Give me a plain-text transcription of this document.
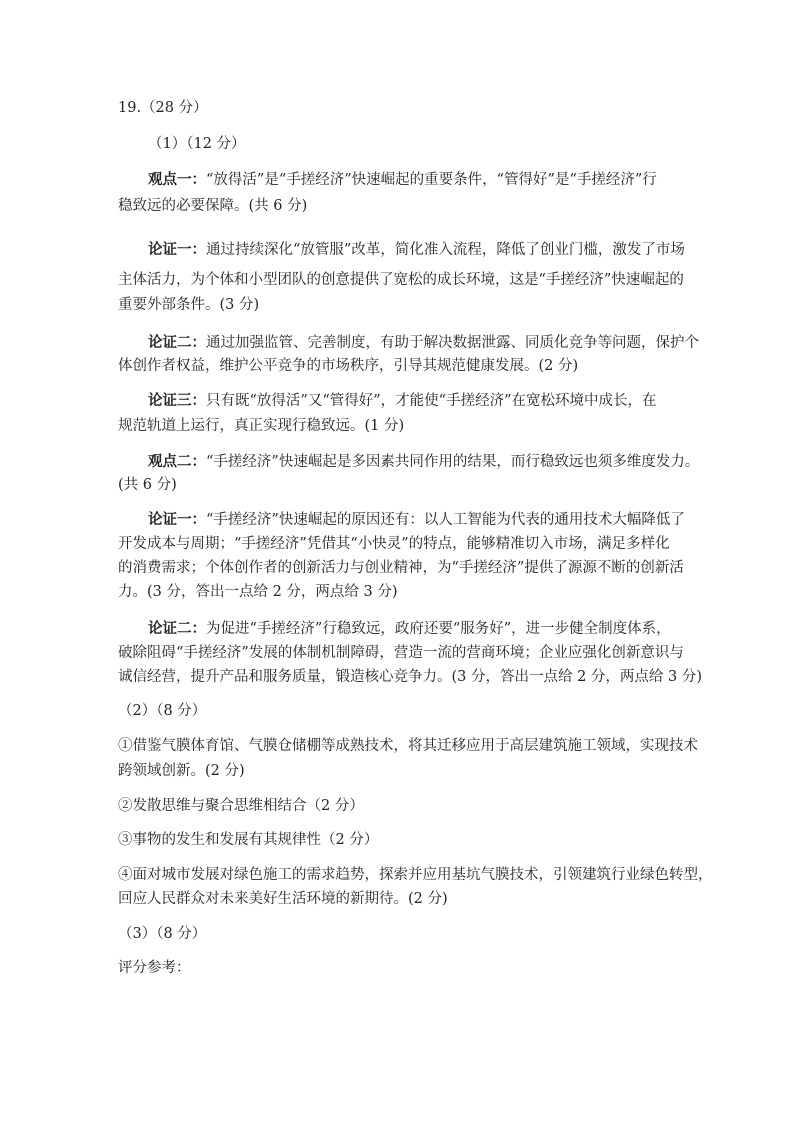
19.（28 分）
（1）（12 分）
观点一：“放得活”是“手搓经济”快速崛起的重要条件，“管得好”是“手搓经济”行
稳致远的必要保障。(共 6 分)
论证一：通过持续深化“放管服”改革，简化准入流程，降低了创业门槛，激发了市场
主体活力，为个体和小型团队的创意提供了宽松的成长环境，这是“手搓经济”快速崛起的
重要外部条件。(3 分)
论证二：通过加强监管、完善制度，有助于解决数据泄露、同质化竞争等问题，保护个
体创作者权益，维护公平竞争的市场秩序，引导其规范健康发展。(2 分)
论证三：只有既“放得活”又“管得好”，才能使“手搓经济”在宽松环境中成长，在
规范轨道上运行，真正实现行稳致远。(1 分)
观点二：“手搓经济”快速崛起是多因素共同作用的结果，而行稳致远也须多维度发力。
(共 6 分)
论证一：“手搓经济”快速崛起的原因还有：以人工智能为代表的通用技术大幅降低了
开发成本与周期；“手搓经济”凭借其“小快灵”的特点，能够精准切入市场，满足多样化
的消费需求；个体创作者的创新活力与创业精神，为“手搓经济”提供了源源不断的创新活
力。(3 分，答出一点给 2 分，两点给 3 分)
论证二：为促进“手搓经济”行稳致远，政府还要“服务好”，进一步健全制度体系，
破除阻碍“手搓经济”发展的体制机制障碍，营造一流的营商环境；企业应强化创新意识与
诚信经营，提升产品和服务质量，锻造核心竞争力。(3 分，答出一点给 2 分，两点给 3 分)
（2）（8 分）
①借鉴气膜体育馆、气膜仓储棚等成熟技术，将其迁移应用于高层建筑施工领域，实现技术
跨领域创新。(2 分)
②发散思维与聚合思维相结合（2 分）
③事物的发生和发展有其规律性（2 分）
④面对城市发展对绿色施工的需求趋势，探索并应用基坑气膜技术，引领建筑行业绿色转型，
回应人民群众对未来美好生活环境的新期待。(2 分)
（3）（8 分）
评分参考：
